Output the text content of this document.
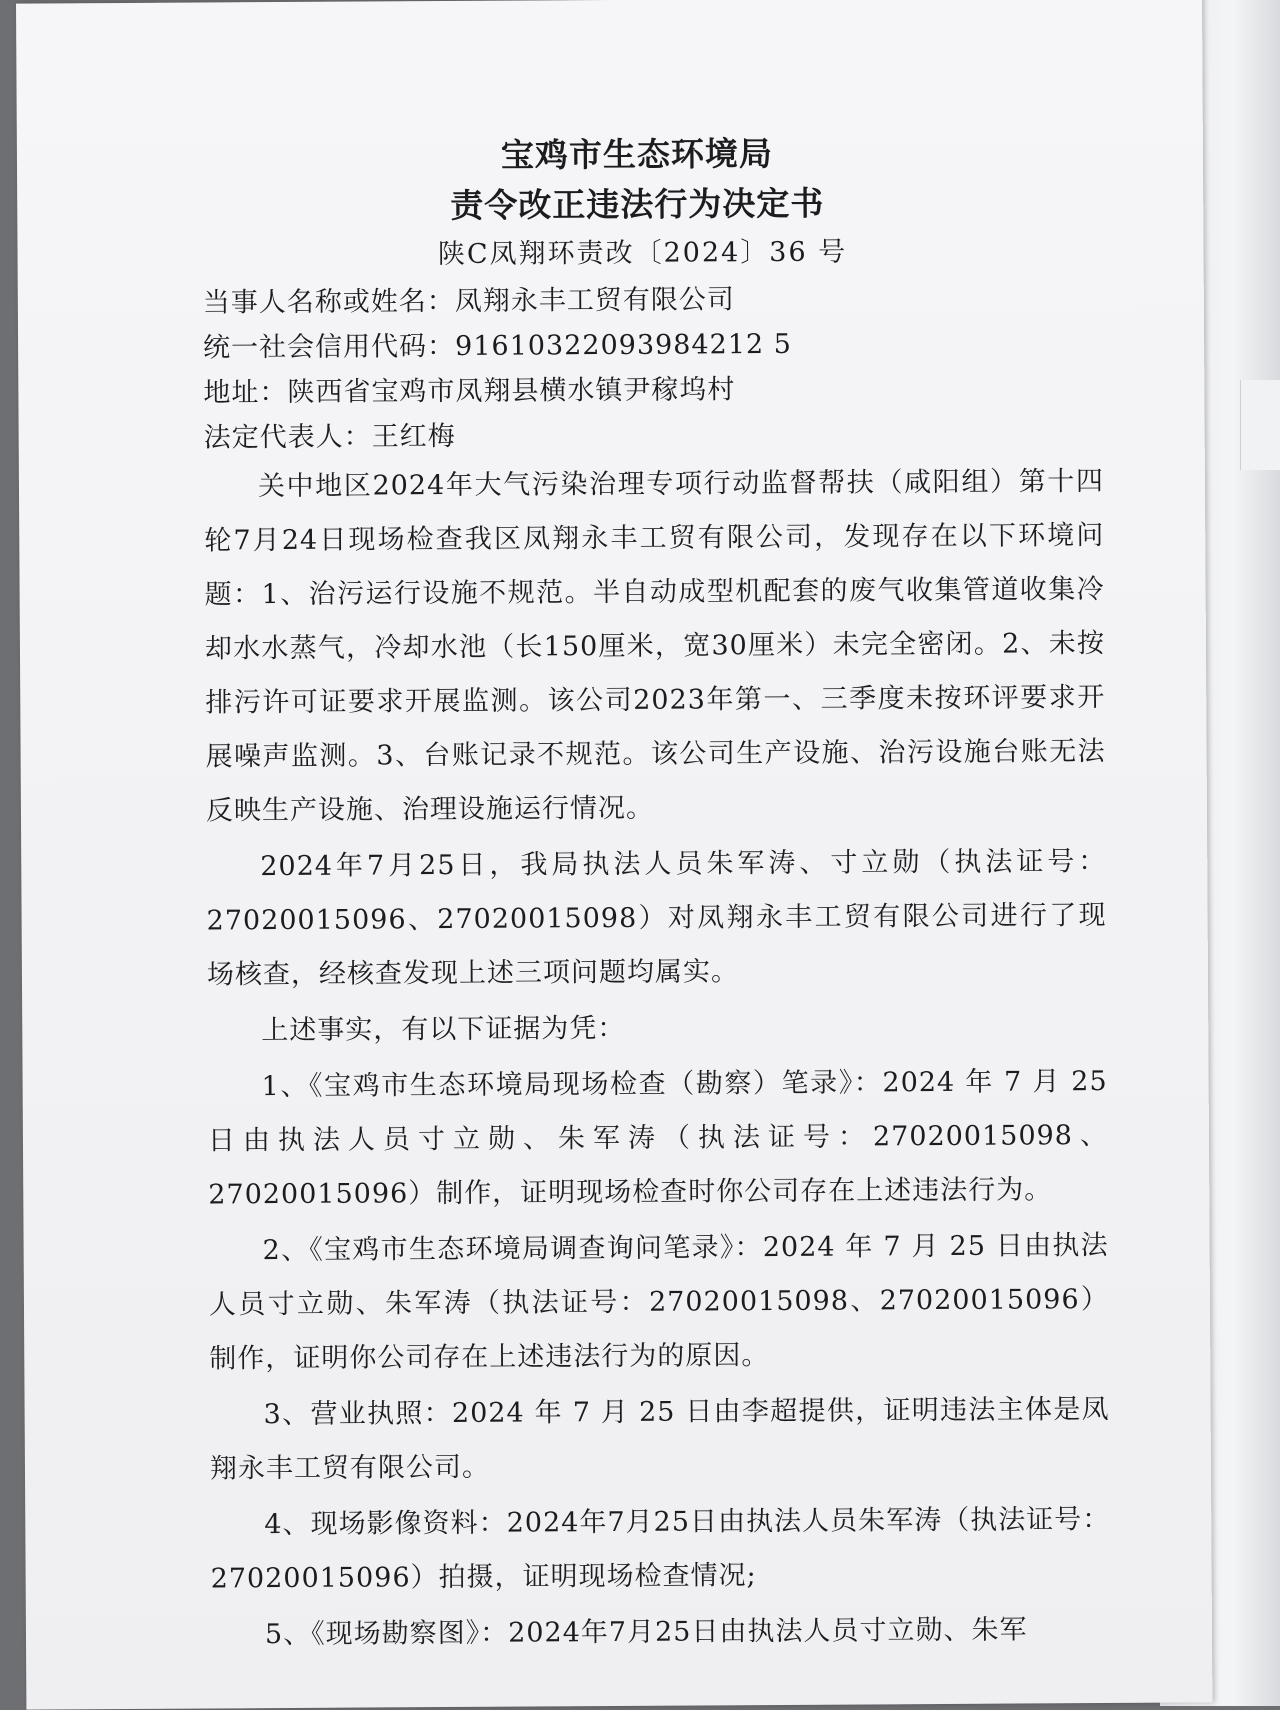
宝鸡市生态环境局
责令改正违法行为决定书
陕C凤翔环责改〔2024〕36 号
当事人名称或姓名：凤翔永丰工贸有限公司
统一社会信用代码：91610322093984212 5
地址：陕西省宝鸡市凤翔县横水镇尹稼坞村
法定代表人：王红梅
关中地区2024年大气污染治理专项行动监督帮扶（咸阳组）第十四轮7月24日现场检查我区凤翔永丰工贸有限公司，发现存在以下环境问题：1、治污运行设施不规范。半自动成型机配套的废气收集管道收集冷却水水蒸气，冷却水池（长150厘米，宽30厘米）未完全密闭。2、未按排污许可证要求开展监测。该公司2023年第一、三季度未按环评要求开展噪声监测。3、台账记录不规范。该公司生产设施、治污设施台账无法反映生产设施、治理设施运行情况。
2024年7月25日，我局执法人员朱军涛、寸立勋（执法证号：27020015096、27020015098）对凤翔永丰工贸有限公司进行了现场核查，经核查发现上述三项问题均属实。
上述事实，有以下证据为凭：
1、《宝鸡市生态环境局现场检查（勘察）笔录》：2024 年 7 月 25 日由执法人员寸立勋、朱军涛（执法证号：27020015098、27020015096）制作，证明现场检查时你公司存在上述违法行为。
2、《宝鸡市生态环境局调查询问笔录》：2024 年 7 月 25 日由执法人员寸立勋、朱军涛（执法证号：27020015098、27020015096）制作，证明你公司存在上述违法行为的原因。
3、营业执照：2024 年 7 月 25 日由李超提供，证明违法主体是凤翔永丰工贸有限公司。
4、现场影像资料：2024年7月25日由执法人员朱军涛（执法证号：27020015096）拍摄，证明现场检查情况;
5、《现场勘察图》：2024年7月25日由执法人员寸立勋、朱军
